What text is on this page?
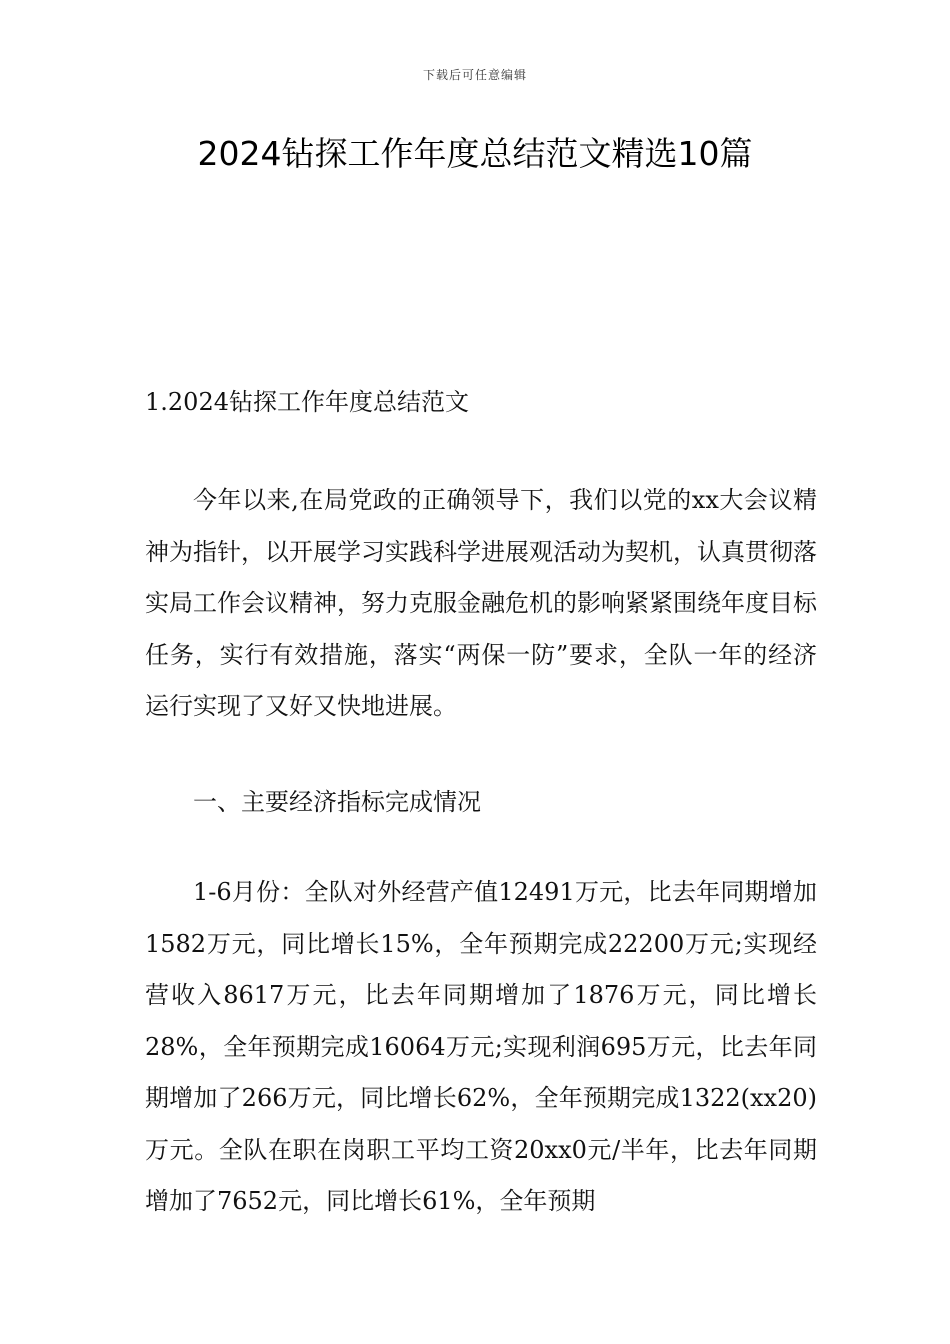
下载后可任意编辑
2024钻探工作年度总结范文精选10篇
1.2024钻探工作年度总结范文

今年以来,在局党政的正确领导下，我们以党的xx大会议精神为指针，以开展学习实践科学进展观活动为契机，认真贯彻落实局工作会议精神，努力克服金融危机的影响紧紧围绕年度目标任务，实行有效措施，落实“两保一防”要求，全队一年的经济运行实现了又好又快地进展。

一、主要经济指标完成情况

1-6月份：全队对外经营产值12491万元，比去年同期增加1582万元，同比增长15%，全年预期完成22200万元;实现经营收入8617万元，比去年同期增加了1876万元，同比增长28%，全年预期完成16064万元;实现利润695万元，比去年同期增加了266万元，同比增长62%，全年预期完成1322(xx20)万元。全队在职在岗职工平均工资20xx0元/半年，比去年同期增加了7652元，同比增长61%，全年预期
